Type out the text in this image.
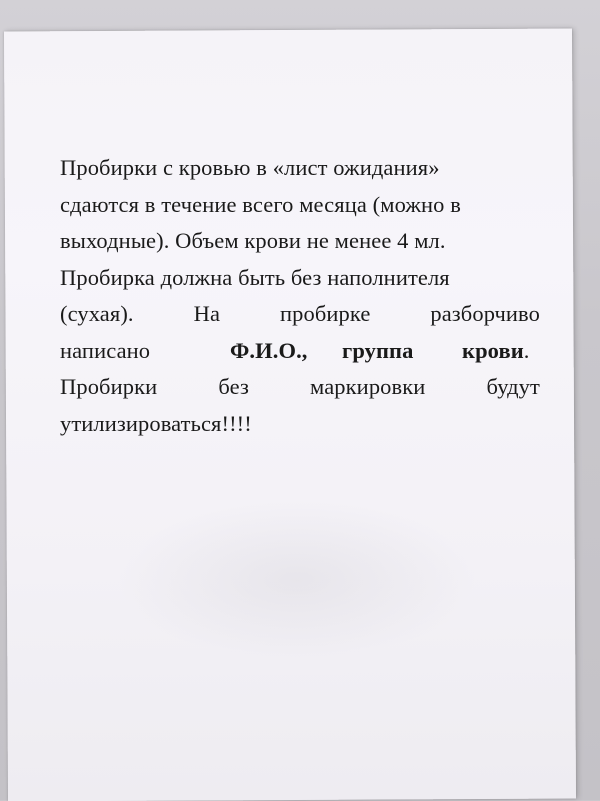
Пробирки с кровью в «лист ожидания»
сдаются в течение всего месяца (можно в
выходные). Объем крови не менее 4 мл.
Пробирка должна быть без наполнителя
(сухая).	На	пробирке	разборчиво
написано	Ф.И.О.,	группа	крови .
Пробирки	без	маркировки	будут
утилизироваться!!!!
